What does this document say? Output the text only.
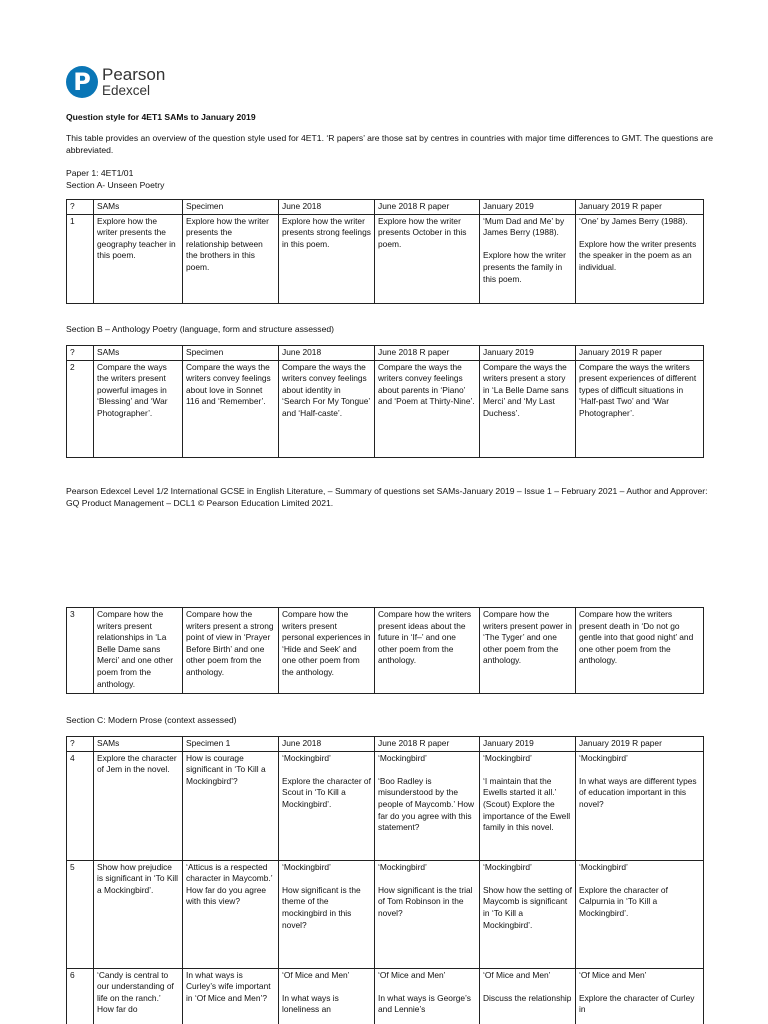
P Pearson
Edexcel
Question style for 4ET1 SAMs to January 2019
This table provides an overview of the question style used for 4ET1. ‘R papers’ are those sat by centres in countries with major time differences to GMT. The questions are abbreviated.
Paper 1: 4ET1/01
Section A- Unseen Poetry
?	SAMs	Specimen	June 2018	June 2018 R paper	January 2019	January 2019 R paper
1	Explore how the writer presents the geography teacher in this poem.	Explore how the writer presents the relationship between the brothers in this poem.	Explore how the writer presents strong feelings in this poem.	Explore how the writer presents October in this poem.	‘Mum Dad and Me’ by James Berry (1988).

Explore how the writer presents the family in this poem.	‘One’ by James Berry (1988).

Explore how the writer presents the speaker in the poem as an individual.
Section B – Anthology Poetry (language, form and structure assessed)
?	SAMs	Specimen	June 2018	June 2018 R paper	January 2019	January 2019 R paper
2	Compare the ways the writers present powerful images in ‘Blessing’ and ‘War Photographer’.	Compare the ways the writers convey feelings about love in Sonnet 116 and ‘Remember’.	Compare the ways the writers convey feelings about identity in ‘Search For My Tongue’ and ‘Half-caste’.	Compare the ways the writers convey feelings about parents in ‘Piano’ and ‘Poem at Thirty-Nine’.	Compare the ways the writers present a story in ‘La Belle Dame sans Merci’ and ‘My Last Duchess’.	Compare the ways the writers present experiences of different types of difficult situations in ‘Half-past Two’ and ‘War Photographer’.
Pearson Edexcel Level 1/2 International GCSE in English Literature, – Summary of questions set SAMs-January 2019 – Issue 1 – February 2021 – Author and Approver: GQ Product Management – DCL1 © Pearson Education Limited 2021.
3	Compare how the writers present relationships in ‘La Belle Dame sans Merci’ and one other poem from the anthology.	Compare how the writers present a strong point of view in ‘Prayer Before Birth’ and one other poem from the anthology.	Compare how the writers present personal experiences in ‘Hide and Seek’ and one other poem from the anthology.	Compare how the writers present ideas about the future in ‘If–’ and one other poem from the anthology.	Compare how the writers present power in ‘The Tyger’ and one other poem from the anthology.	Compare how the writers present death in ‘Do not go gentle into that good night’ and one other poem from the anthology.
Section C: Modern Prose (context assessed)
?	SAMs	Specimen 1	June 2018	June 2018 R paper	January 2019	January 2019 R paper
4	Explore the character of Jem in the novel.	How is courage significant in ‘To Kill a Mockingbird’?	‘Mockingbird’

Explore the character of Scout in ‘To Kill a Mockingbird’.	‘Mockingbird’

‘Boo Radley is misunderstood by the people of Maycomb.’ How far do you agree with this statement?	‘Mockingbird’

‘I maintain that the Ewells started it all.’ (Scout) Explore the importance of the Ewell family in this novel.	‘Mockingbird’

In what ways are different types of education important in this novel?
5	Show how prejudice is significant in ‘To Kill a Mockingbird’.	‘Atticus is a respected character in Maycomb.’ How far do you agree with this view?	‘Mockingbird’

How significant is the theme of the mockingbird in this novel?	‘Mockingbird’

How significant is the trial of Tom Robinson in the novel?	‘Mockingbird’

Show how the setting of Maycomb is significant in ‘To Kill a Mockingbird’.	‘Mockingbird’

Explore the character of Calpurnia in ‘To Kill a Mockingbird’.
6	‘Candy is central to our understanding of life on the ranch.’ How far do	In what ways is Curley’s wife important in ‘Of Mice and Men’?	‘Of Mice and Men’

In what ways is loneliness an	‘Of Mice and Men’

In what ways is George’s and Lennie’s	‘Of Mice and Men’

Discuss the relationship	‘Of Mice and Men’

Explore the character of Curley in
